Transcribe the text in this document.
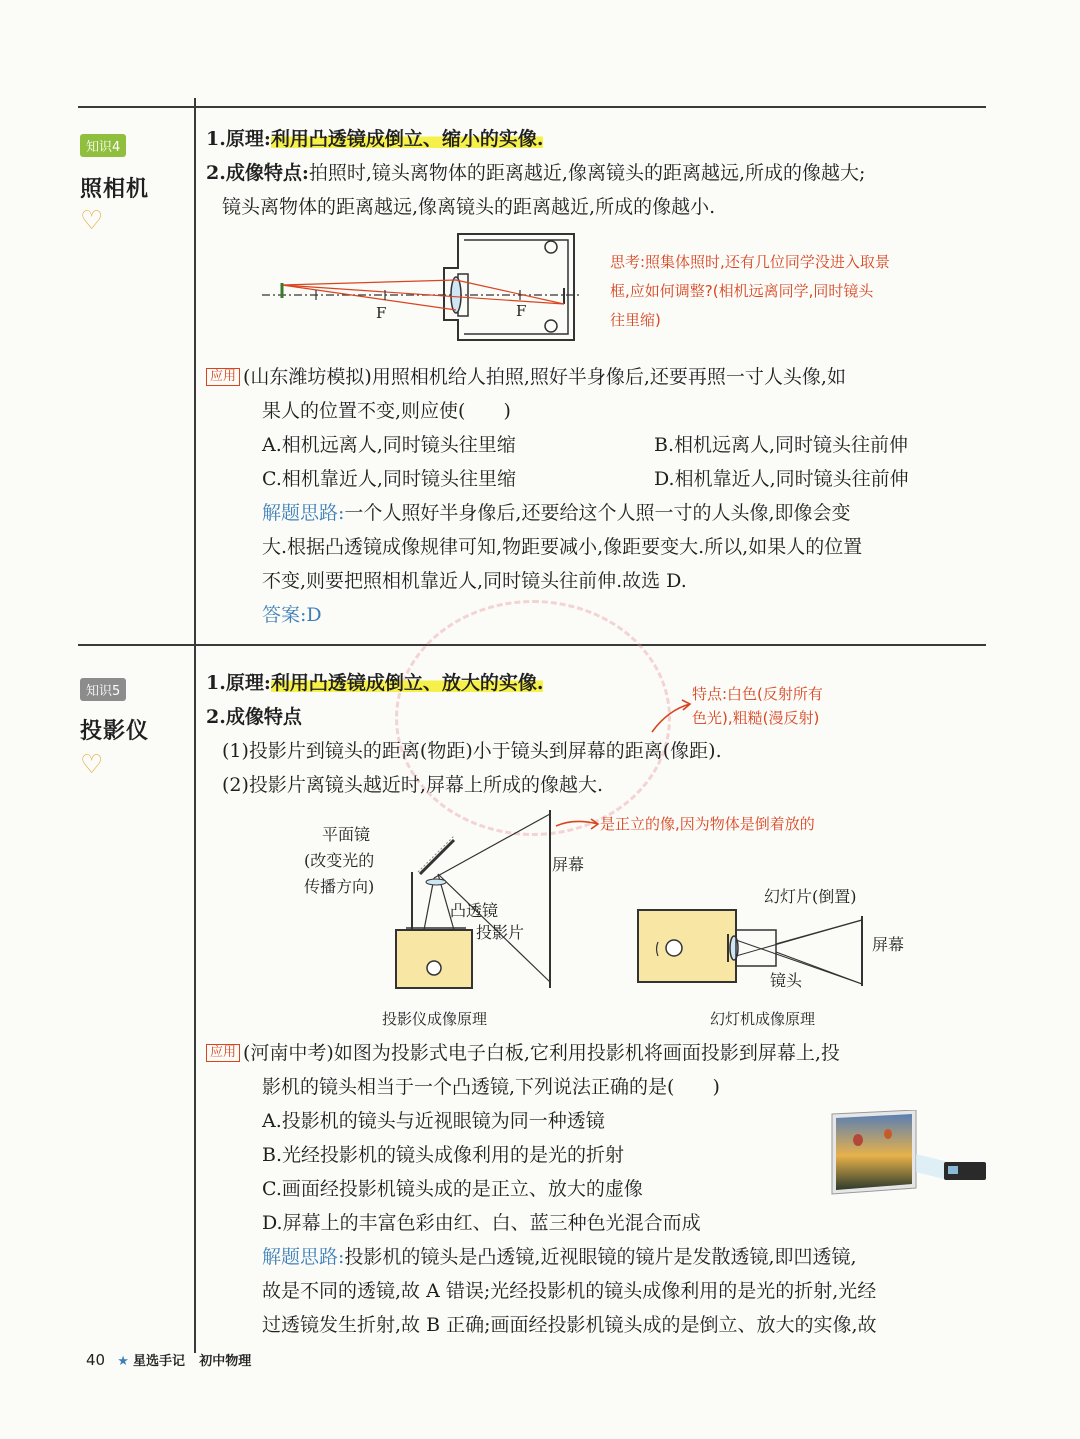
知识4
照相机
♡
1.原理:利用凸透镜成倒立、缩小的实像.
2.成像特点:拍照时,镜头离物体的距离越近,像离镜头的距离越远,所成的像越大;
镜头离物体的距离越远,像离镜头的距离越近,所成的像越小.
F	F
思考:照集体照时,还有几位同学没进入取景
框,应如何调整?(相机远离同学,同时镜头
往里缩)
应用 (山东潍坊模拟)用照相机给人拍照,照好半身像后,还要再照一寸人头像,如
果人的位置不变,则应使(　　)
A.相机远离人,同时镜头往里缩	B.相机远离人,同时镜头往前伸
C.相机靠近人,同时镜头往里缩	D.相机靠近人,同时镜头往前伸
解题思路:一个人照好半身像后,还要给这个人照一寸的人头像,即像会变
大.根据凸透镜成像规律可知,物距要减小,像距要变大.所以,如果人的位置
不变,则要把照相机靠近人,同时镜头往前伸.故选 D.
答案:D

知识5
投影仪
♡
1.原理:利用凸透镜成倒立、放大的实像.
2.成像特点
(1)投影片到镜头的距离(物距)小于镜头到屏幕的距离(像距).
(2)投影片离镜头越近时,屏幕上所成的像越大.
特点:白色(反射所有
色光),粗糙(漫反射)
是正立的像,因为物体是倒着放的
平面镜
(改变光的
传播方向)
屏幕
凸透镜
投影片
投影仪成像原理
幻灯片(倒置)
屏幕
镜头
幻灯机成像原理
应用 (河南中考)如图为投影式电子白板,它利用投影机将画面投影到屏幕上,投
影机的镜头相当于一个凸透镜,下列说法正确的是(　　)
A.投影机的镜头与近视眼镜为同一种透镜
B.光经投影机的镜头成像利用的是光的折射
C.画面经投影机镜头成的是正立、放大的虚像
D.屏幕上的丰富色彩由红、白、蓝三种色光混合而成
解题思路:投影机的镜头是凸透镜,近视眼镜的镜片是发散透镜,即凹透镜,
故是不同的透镜,故 A 错误;光经投影机的镜头成像利用的是光的折射,光经
过透镜发生折射,故 B 正确;画面经投影机镜头成的是倒立、放大的实像,故
40 ★ 星选手记 初中物理
